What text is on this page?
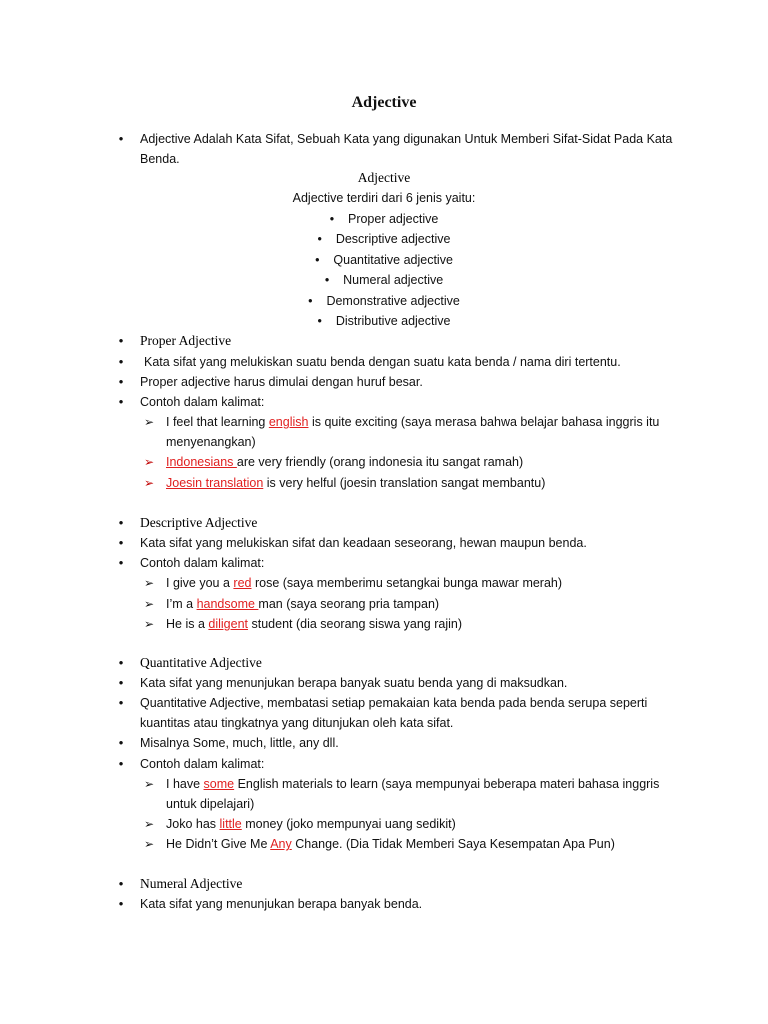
Adjective
• Adjective Adalah Kata Sifat, Sebuah Kata yang digunakan Untuk Memberi Sifat-Sidat Pada Kata
Benda.
Adjective
Adjective terdiri dari 6 jenis yaitu:
• Proper adjective
• Descriptive adjective
• Quantitative adjective
• Numeral adjective
• Demonstrative adjective
• Distributive adjective
• Proper Adjective
• Kata sifat yang melukiskan suatu benda dengan suatu kata benda / nama diri tertentu.
• Proper adjective harus dimulai dengan huruf besar.
• Contoh dalam kalimat:
➢ I feel that learning english is quite exciting (saya merasa bahwa belajar bahasa inggris itu
menyenangkan)
➢ Indonesians are very friendly (orang indonesia itu sangat ramah)
➢ Joesin translation is very helful (joesin translation sangat membantu)
• Descriptive Adjective
• Kata sifat yang melukiskan sifat dan keadaan seseorang, hewan maupun benda.
• Contoh dalam kalimat:
➢ I give you a red rose (saya memberimu setangkai bunga mawar merah)
➢ I’m a handsome man (saya seorang pria tampan)
➢ He is a diligent student (dia seorang siswa yang rajin)
• Quantitative Adjective
• Kata sifat yang menunjukan berapa banyak suatu benda yang di maksudkan.
• Quantitative Adjective, membatasi setiap pemakaian kata benda pada benda serupa seperti
kuantitas atau tingkatnya yang ditunjukan oleh kata sifat.
• Misalnya Some, much, little, any dll.
• Contoh dalam kalimat:
➢ I have some English materials to learn (saya mempunyai beberapa materi bahasa inggris
untuk dipelajari)
➢ Joko has little money (joko mempunyai uang sedikit)
➢ He Didn’t Give Me Any Change. (Dia Tidak Memberi Saya Kesempatan Apa Pun)
• Numeral Adjective
• Kata sifat yang menunjukan berapa banyak benda.
